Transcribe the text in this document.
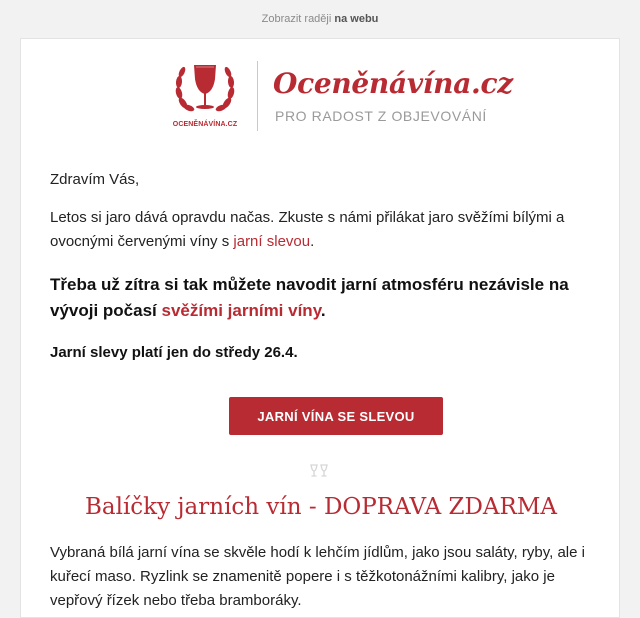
Zobrazit raději na webu
OCENĚNÁVÍNA.CZ
Oceněnávína.cz
PRO RADOST Z OBJEVOVÁNÍ

Zdravím Vás,

Letos si jaro dává opravdu načas. Zkuste s námi přilákat jaro svěžími bílými a ovocnými červenými víny s jarní slevou.

Třeba už zítra si tak můžete navodit jarní atmosféru nezávisle na vývoji počasí svěžími jarními víny.

Jarní slevy platí jen do středy 26.4.

JARNÍ VÍNA SE SLEVOU
Balíčky jarních vín - DOPRAVA ZDARMA

Vybraná bílá jarní vína se skvěle hodí k lehčím jídlům, jako jsou saláty, ryby, ale i kuřecí maso. Ryzlink se znamenitě popere i s těžkotonážními kalibry, jako je vepřový řízek nebo třeba bramboráky.
